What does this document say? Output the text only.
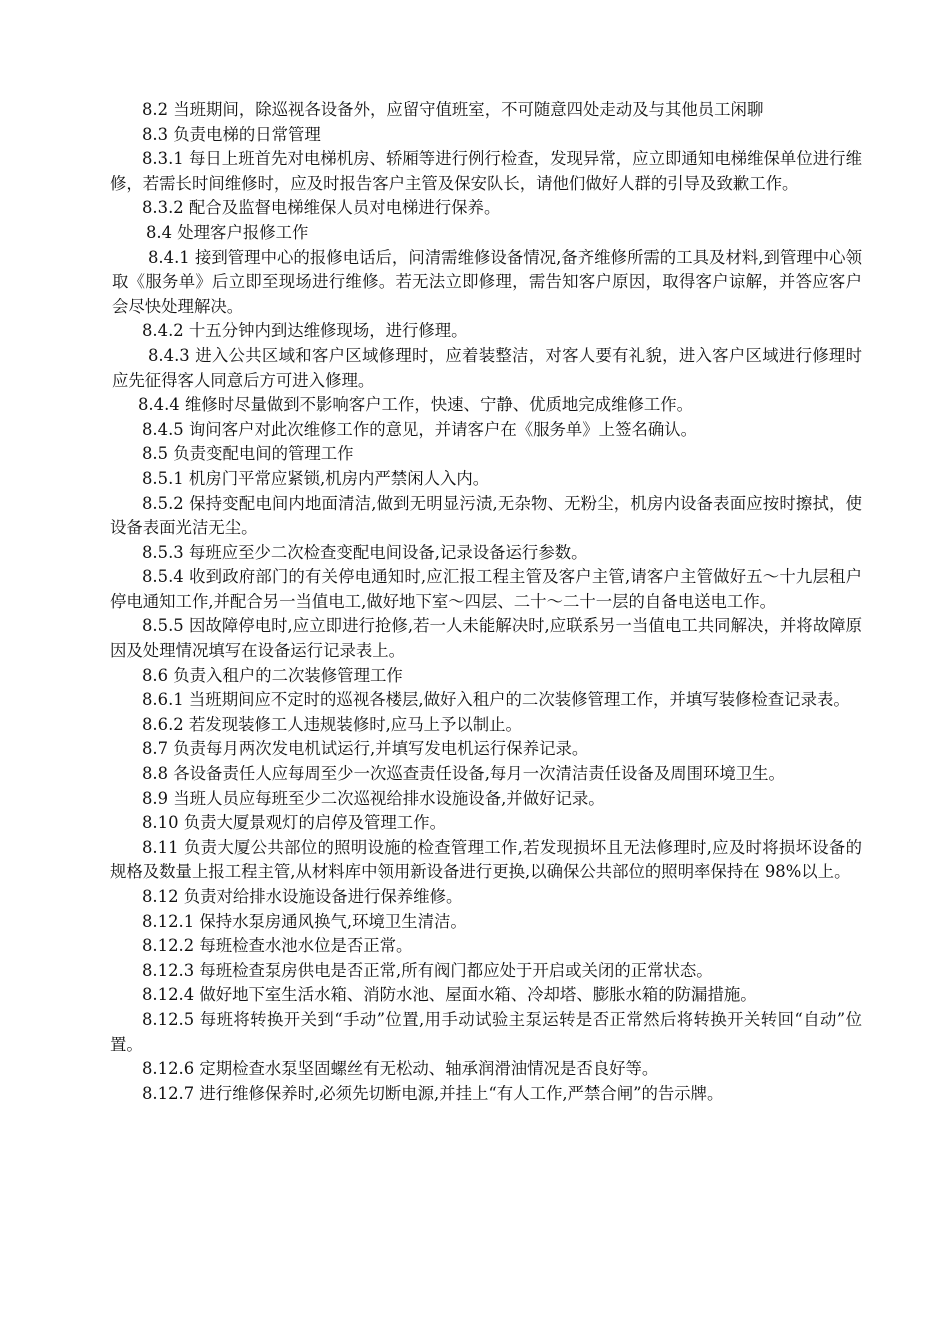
8.2 当班期间，除巡视各设备外，应留守值班室，不可随意四处走动及与其他员工闲聊

8.3 负责电梯的日常管理

8.3.1 每日上班首先对电梯机房、轿厢等进行例行检查，发现异常，应立即通知电梯维保单位进行维修，若需长时间维修时，应及时报告客户主管及保安队长，请他们做好人群的引导及致歉工作。

8.3.2 配合及监督电梯维保人员对电梯进行保养。

8.4 处理客户报修工作

8.4.1 接到管理中心的报修电话后，问清需维修设备情况,备齐维修所需的工具及材料,到管理中心领取《服务单》后立即至现场进行维修。若无法立即修理，需告知客户原因，取得客户谅解，并答应客户会尽快处理解决。

8.4.2 十五分钟内到达维修现场，进行修理。

8.4.3 进入公共区域和客户区域修理时，应着装整洁，对客人要有礼貌，进入客户区域进行修理时应先征得客人同意后方可进入修理。

8.4.4 维修时尽量做到不影响客户工作，快速、宁静、优质地完成维修工作。

8.4.5 询问客户对此次维修工作的意见，并请客户在《服务单》上签名确认。

8.5 负责变配电间的管理工作

8.5.1 机房门平常应紧锁,机房内严禁闲人入内。

8.5.2 保持变配电间内地面清洁,做到无明显污渍,无杂物、无粉尘，机房内设备表面应按时擦拭，使设备表面光洁无尘。

8.5.3 每班应至少二次检查变配电间设备,记录设备运行参数。

8.5.4 收到政府部门的有关停电通知时,应汇报工程主管及客户主管,请客户主管做好五～十九层租户停电通知工作,并配合另一当值电工,做好地下室～四层、二十～二十一层的自备电送电工作。

8.5.5 因故障停电时,应立即进行抢修,若一人未能解决时,应联系另一当值电工共同解决，并将故障原因及处理情况填写在设备运行记录表上。

8.6 负责入租户的二次装修管理工作

8.6.1 当班期间应不定时的巡视各楼层,做好入租户的二次装修管理工作，并填写装修检查记录表。

8.6.2 若发现装修工人违规装修时,应马上予以制止。

8.7 负责每月两次发电机试运行,并填写发电机运行保养记录。

8.8 各设备责任人应每周至少一次巡查责任设备,每月一次清洁责任设备及周围环境卫生。

8.9 当班人员应每班至少二次巡视给排水设施设备,并做好记录。

8.10 负责大厦景观灯的启停及管理工作。

8.11 负责大厦公共部位的照明设施的检查管理工作,若发现损坏且无法修理时,应及时将损坏设备的规格及数量上报工程主管,从材料库中领用新设备进行更换,以确保公共部位的照明率保持在 98%以上。

8.12 负责对给排水设施设备进行保养维修。

8.12.1 保持水泵房通风换气,环境卫生清洁。

8.12.2 每班检查水池水位是否正常。

8.12.3 每班检查泵房供电是否正常,所有阀门都应处于开启或关闭的正常状态。

8.12.4 做好地下室生活水箱、消防水池、屋面水箱、冷却塔、膨胀水箱的防漏措施。

8.12.5 每班将转换开关到“手动”位置,用手动试验主泵运转是否正常然后将转换开关转回“自动”位置。

8.12.6 定期检查水泵坚固螺丝有无松动、轴承润滑油情况是否良好等。

8.12.7 进行维修保养时,必须先切断电源,并挂上“有人工作,严禁合闸”的告示牌。
